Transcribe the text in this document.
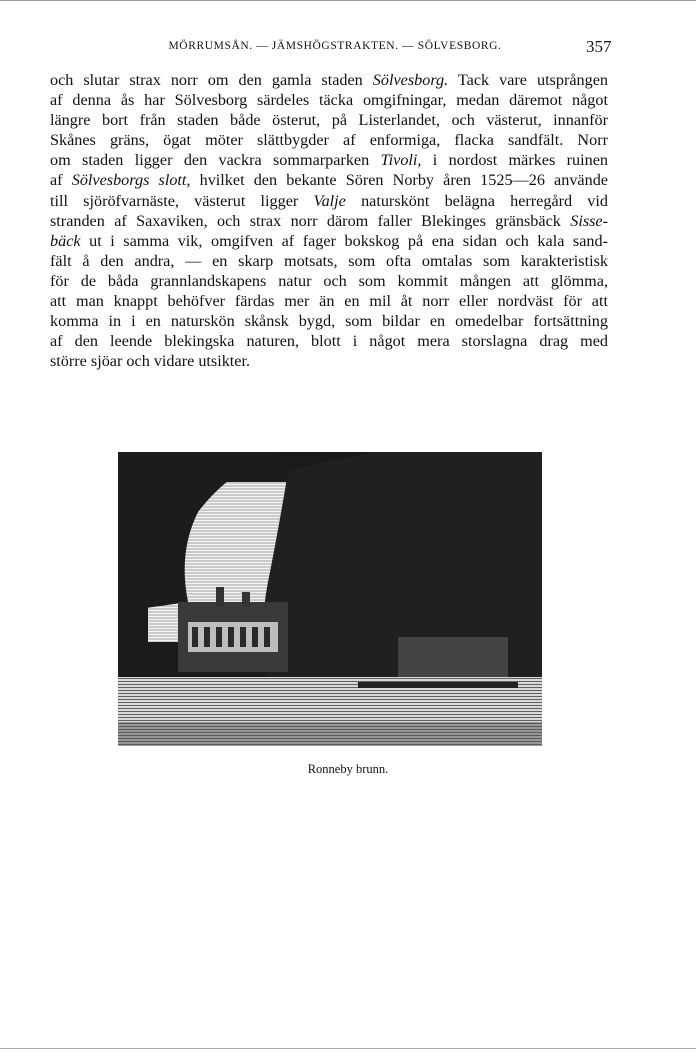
MÖRRUMSÅN. — JÄMSHÖGSTRAKTEN. — SÖLVESBORG.	357
och slutar strax norr om den gamla staden Sölvesborg. Tack vare utsprången
af denna ås har Sölvesborg särdeles täcka omgifningar, medan däremot något
längre bort från staden både österut, på Listerlandet, och västerut, innanför
Skånes gräns, ögat möter slättbygder af enformiga, flacka sandfält. Norr
om staden ligger den vackra sommarparken Tivoli, i nordost märkes ruinen
af Sölvesborgs slott, hvilket den bekante Sören Norby åren 1525—26 använde
till sjöröfvarnäste, västerut ligger Valje naturskönt belägna herregård vid
stranden af Saxaviken, och strax norr därom faller Blekinges gränsbäck Sisse-
bäck ut i samma vik, omgifven af fager bokskog på ena sidan och kala sand-
fält å den andra, — en skarp motsats, som ofta omtalas som karakteristisk
för de båda grannlandskapens natur och som kommit mången att glömma,
att man knappt behöfver färdas mer än en mil åt norr eller nordväst för att
komma in i en naturskön skånsk bygd, som bildar en omedelbar fortsättning
af den leende blekingska naturen, blott i något mera storslagna drag med
större sjöar och vidare utsikter.
Ronneby brunn.
